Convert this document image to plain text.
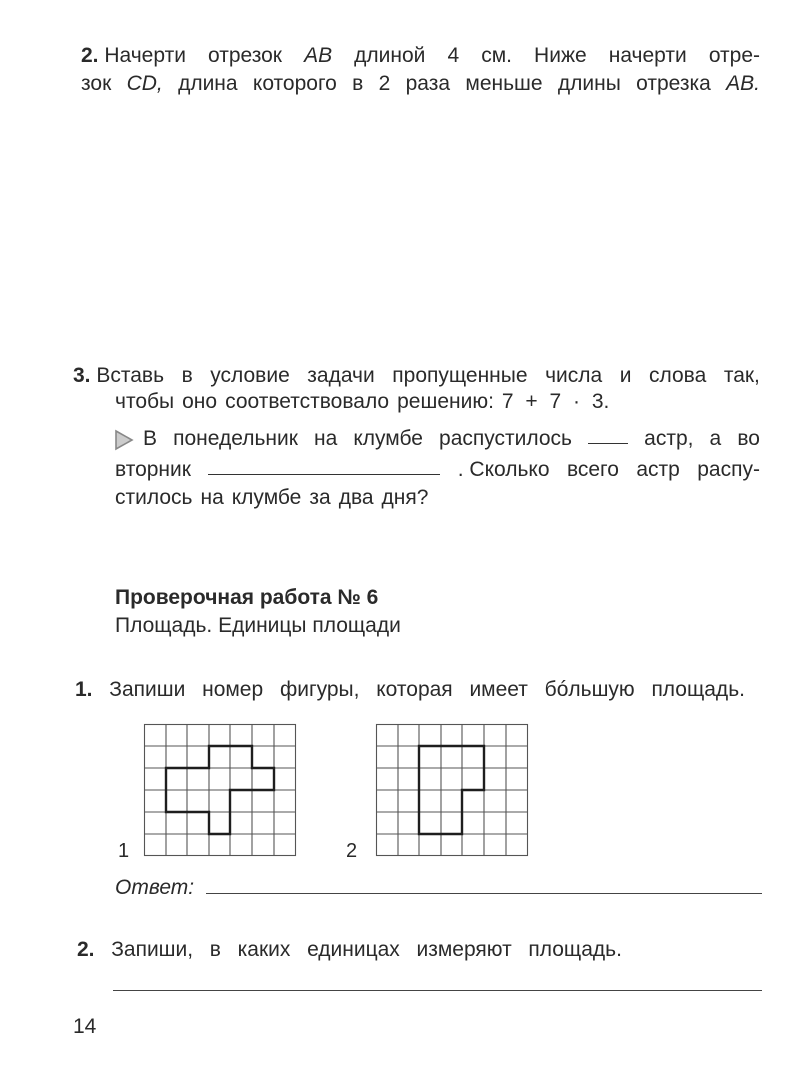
2. Начерти отрезок AB длиной 4 см. Ниже начерти отре-
зок CD, длина которого в 2 раза меньше длины отрезка AB.
3. Вставь в условие задачи пропущенные числа и слова так,
чтобы оно соответствовало решению: 7 + 7 · 3.
В понедельник на клумбе распустилось	астр, а во
вторник	. Сколько всего астр распу-
стилось на клумбе за два дня?
Проверочная работа № 6
Площадь. Единицы площади
1. Запиши номер фигуры, которая имеет бóльшую площадь.
1	2
Ответ:
2. Запиши, в каких единицах измеряют площадь.
14
